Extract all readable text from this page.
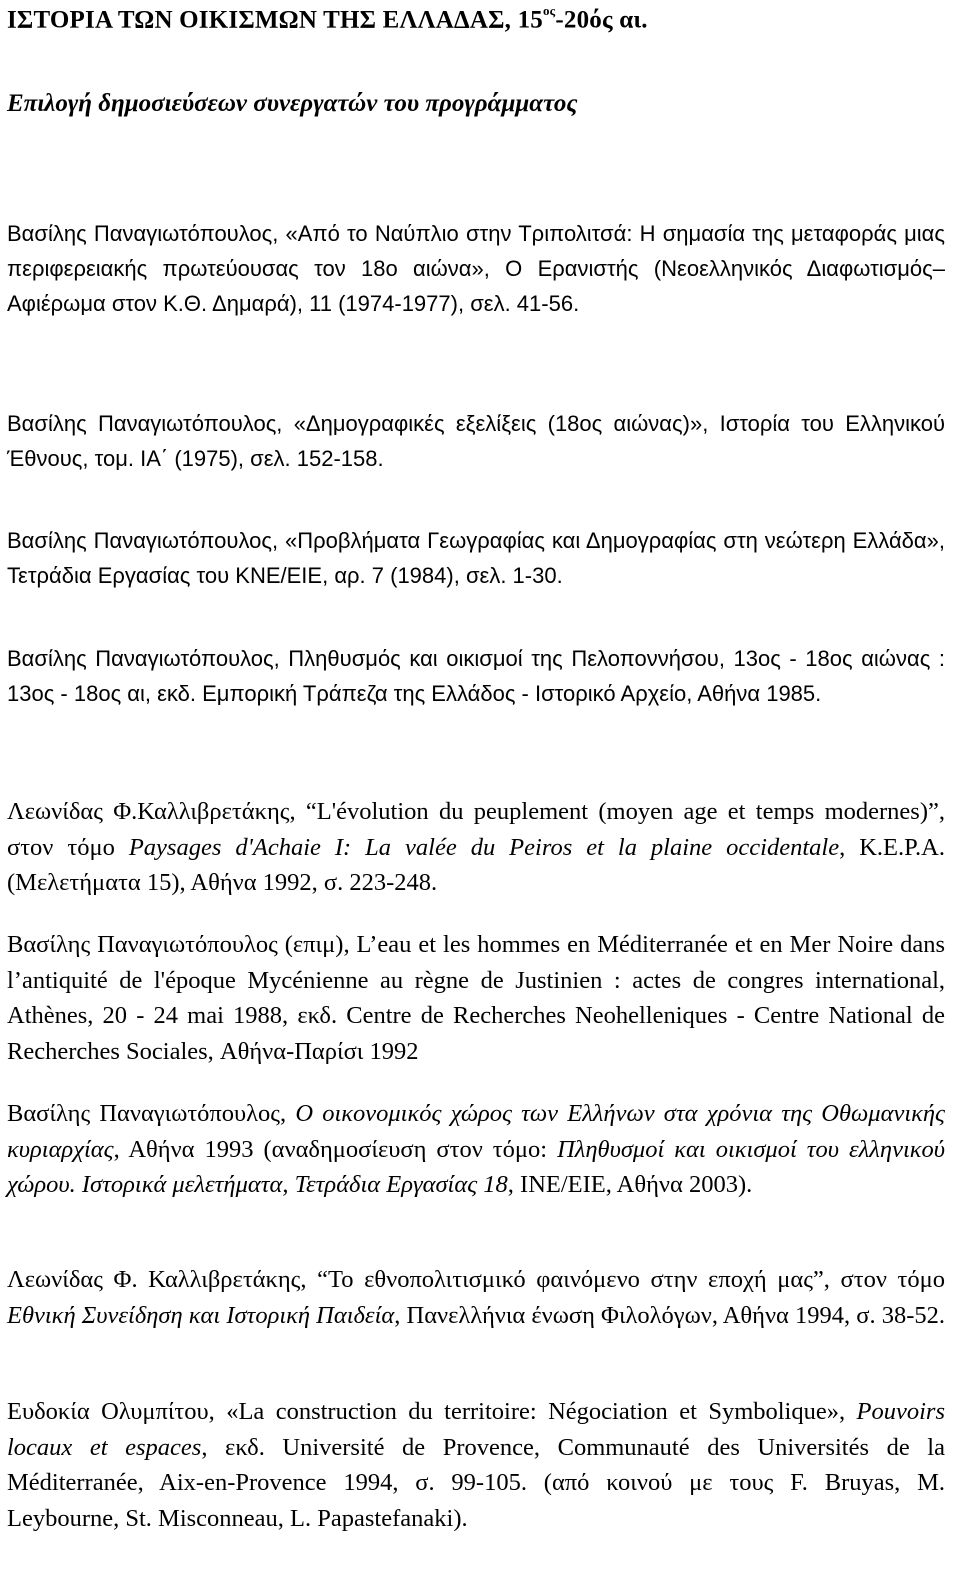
ΙΣΤΟΡΙΑ ΤΩΝ ΟΙΚΙΣΜΩΝ ΤΗΣ ΕΛΛΑΔΑΣ, $15^{o\varsigma}-20ό\varsigma$ αι.
Επιλογή δημοσιεύσεων συνεργατών του προγράμματος

Βασίλης Παναγιωτόπουλος, «Από το Ναύπλιο στην Τριπολιτσά: Η σημασία της μεταφοράς μιας περιφερειακής πρωτεύουσας τον 18ο αιώνα», Ο Ερανιστής (Νεοελληνικός Διαφωτισμός–Αφιέρωμα στον Κ.Θ. Δημαρά), 11 (1974-1977), σελ. 41-56.

Βασίλης Παναγιωτόπουλος, «Δημογραφικές εξελίξεις (18ος αιώνας)», Ιστορία του Ελληνικού Έθνους, τομ. ΙΑ΄ (1975), σελ. 152-158.

Βασίλης Παναγιωτόπουλος, «Προβλήματα Γεωγραφίας και Δημογραφίας στη νεώτερη Ελλάδα», Τετράδια Εργασίας του ΚΝΕ/ΕΙΕ, αρ. 7 (1984), σελ. 1-30.

Βασίλης Παναγιωτόπουλος, Πληθυσμός και οικισμοί της Πελοποννήσου, 13ος - 18ος αιώνας : 13ος - 18ος αι, εκδ. Εμπορική Τράπεζα της Ελλάδος - Ιστορικό Αρχείο, Αθήνα 1985.

Λεωνίδας Φ.Καλλιβρετάκης, “L'évolution du peuplement (moyen age et temps modernes)”, στον τόμο Paysages d'Achaie I: La valée du Peiros et la plaine occidentale, Κ.Ε.Ρ.Α. (Μελετήματα 15), Αθήνα 1992, σ. 223-248.

Βασίλης Παναγιωτόπουλος (επιμ), L’eau et les hommes en Méditerranée et en Mer Noire dans l’antiquité de l'époque Mycénienne au règne de Justinien : actes de congres international, Athènes, 20 - 24 mai 1988, εκδ. Centre de Recherches Neohelleniques - Centre National de Recherches Sociales, Αθήνα-Παρίσι 1992

Βασίλης Παναγιωτόπουλος, Ο οικονομικός χώρος των Ελλήνων στα χρόνια της Οθωμανικής κυριαρχίας, Αθήνα 1993 (αναδημοσίευση στον τόμο: Πληθυσμοί και οικισμοί του ελληνικού χώρου. Ιστορικά μελετήματα, Τετράδια Εργασίας 18, ΙΝΕ/ΕΙΕ, Αθήνα 2003).

Λεωνίδας Φ. Καλλιβρετάκης, “Το εθνοπολιτισμικό φαινόμενο στην εποχή μας”, στον τόμο Εθνική Συνείδηση και Ιστορική Παιδεία, Πανελλήνια ένωση Φιλολόγων, Αθήνα 1994, σ. 38-52.

Ευδοκία Ολυμπίτου, «La construction du territoire: Négociation et Symbolique», Pouvoirs locaux et espaces, εκδ. Université de Provence, Communauté des Universités de la Méditerranée, Aix-en-Provence 1994, σ. 99-105. (από κοινού με τους F. Bruyas, M. Leybourne, St. Misconneau, L. Papastefanaki).
